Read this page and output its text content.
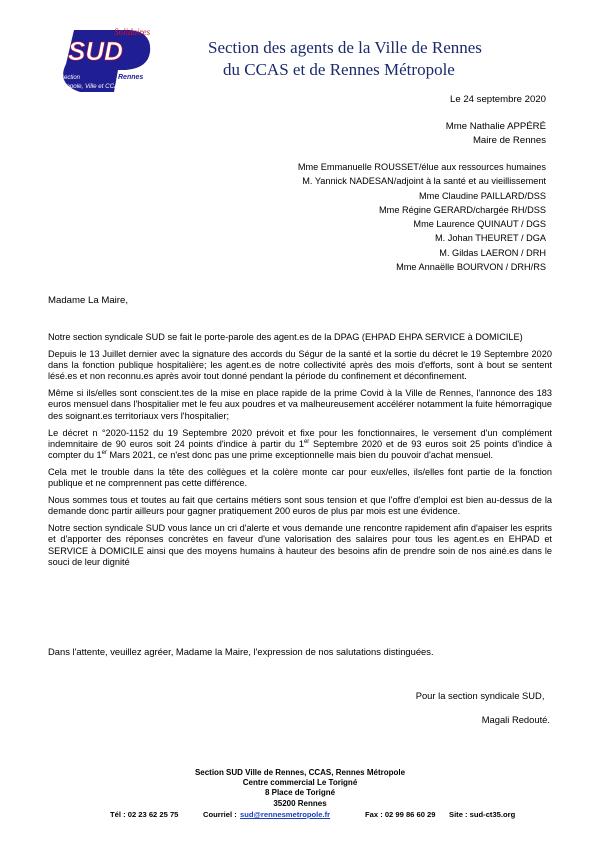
Solidaires
SUD
Section	Rennes
Métropole, Ville et CCAS
Section des agents de la Ville de Rennes
du CCAS et de Rennes Métropole
Le 24 septembre 2020
Mme Nathalie APPÉRÉ
Maire de Rennes
Mme Emmanuelle ROUSSET/élue aux ressources humaines
M. Yannick NADESAN/adjoint à la santé et au vieillissement
Mme Claudine PAILLARD/DSS
Mme Régine GERARD/chargée RH/DSS
Mme Laurence QUINAUT / DGS
M. Johan THEURET / DGA
M. Gildas LAERON / DRH
Mme Annaëlle BOURVON / DRH/RS
Madame La Maire,

Notre section syndicale SUD se fait le porte-parole des agent.es de la DPAG (EHPAD EHPA SERVICE à DOMICILE)

Depuis le 13 Juillet dernier avec la signature des accords du Ségur de la santé et la sortie du décret le 19 Septembre 2020 dans la fonction publique hospitalière; les agent.es de notre collectivité après des mois d'efforts, sont à bout se sentent lésé.es et non reconnu.es après avoir tout donné pendant la période du confinement et déconfinement.

Même si ils/elles sont conscient.tes de la mise en place rapide de la prime Covid à la Ville de Rennes, l'annonce des 183 euros mensuel dans l'hospitalier met le feu aux poudres et va malheureusement accélérer notamment la fuite hémorragique des soignant.es territoriaux vers l'hospitalier;

Le décret n °2020-1152 du 19 Septembre 2020 prévoit et fixe pour les fonctionnaires, le versement d'un complément indemnitaire de 90 euros soit 24 points d'indice à partir du 1er Septembre 2020 et de 93 euros soit 25 points d'indice à compter du 1er Mars 2021, ce n'est donc pas une prime exceptionnelle mais bien du pouvoir d'achat mensuel.

Cela met le trouble dans la tête des collègues et la colère monte car pour eux/elles, ils/elles font partie de la fonction publique et ne comprennent pas cette différence.

Nous sommes tous et toutes au fait que certains métiers sont sous tension et que l'offre d'emploi est bien au-dessus de la demande donc partir ailleurs pour gagner pratiquement 200 euros de plus par mois est une évidence.

Notre section syndicale SUD vous lance un cri d'alerte et vous demande une rencontre rapidement afin d'apaiser les esprits et d'apporter des réponses concrètes en faveur d'une valorisation des salaires pour tous les agent.es en EHPAD et SERVICE à DOMICILE ainsi que des moyens humains à hauteur des besoins afin de prendre soin de nos ainé.es dans le souci de leur dignité

Dans l'attente, veuillez agréer, Madame la Maire, l'expression de nos salutations distinguées.
Pour la section syndicale SUD,
Magali Redouté.
Section SUD Ville de Rennes, CCAS, Rennes Métropole
Centre commercial Le Torigné
8 Place de Torigné
35200 Rennes
Tél : 02 23 62 25 75	Courriel : sud@rennesmetropole.fr	Fax : 02 99 86 60 29 Site : sud-ct35.org
